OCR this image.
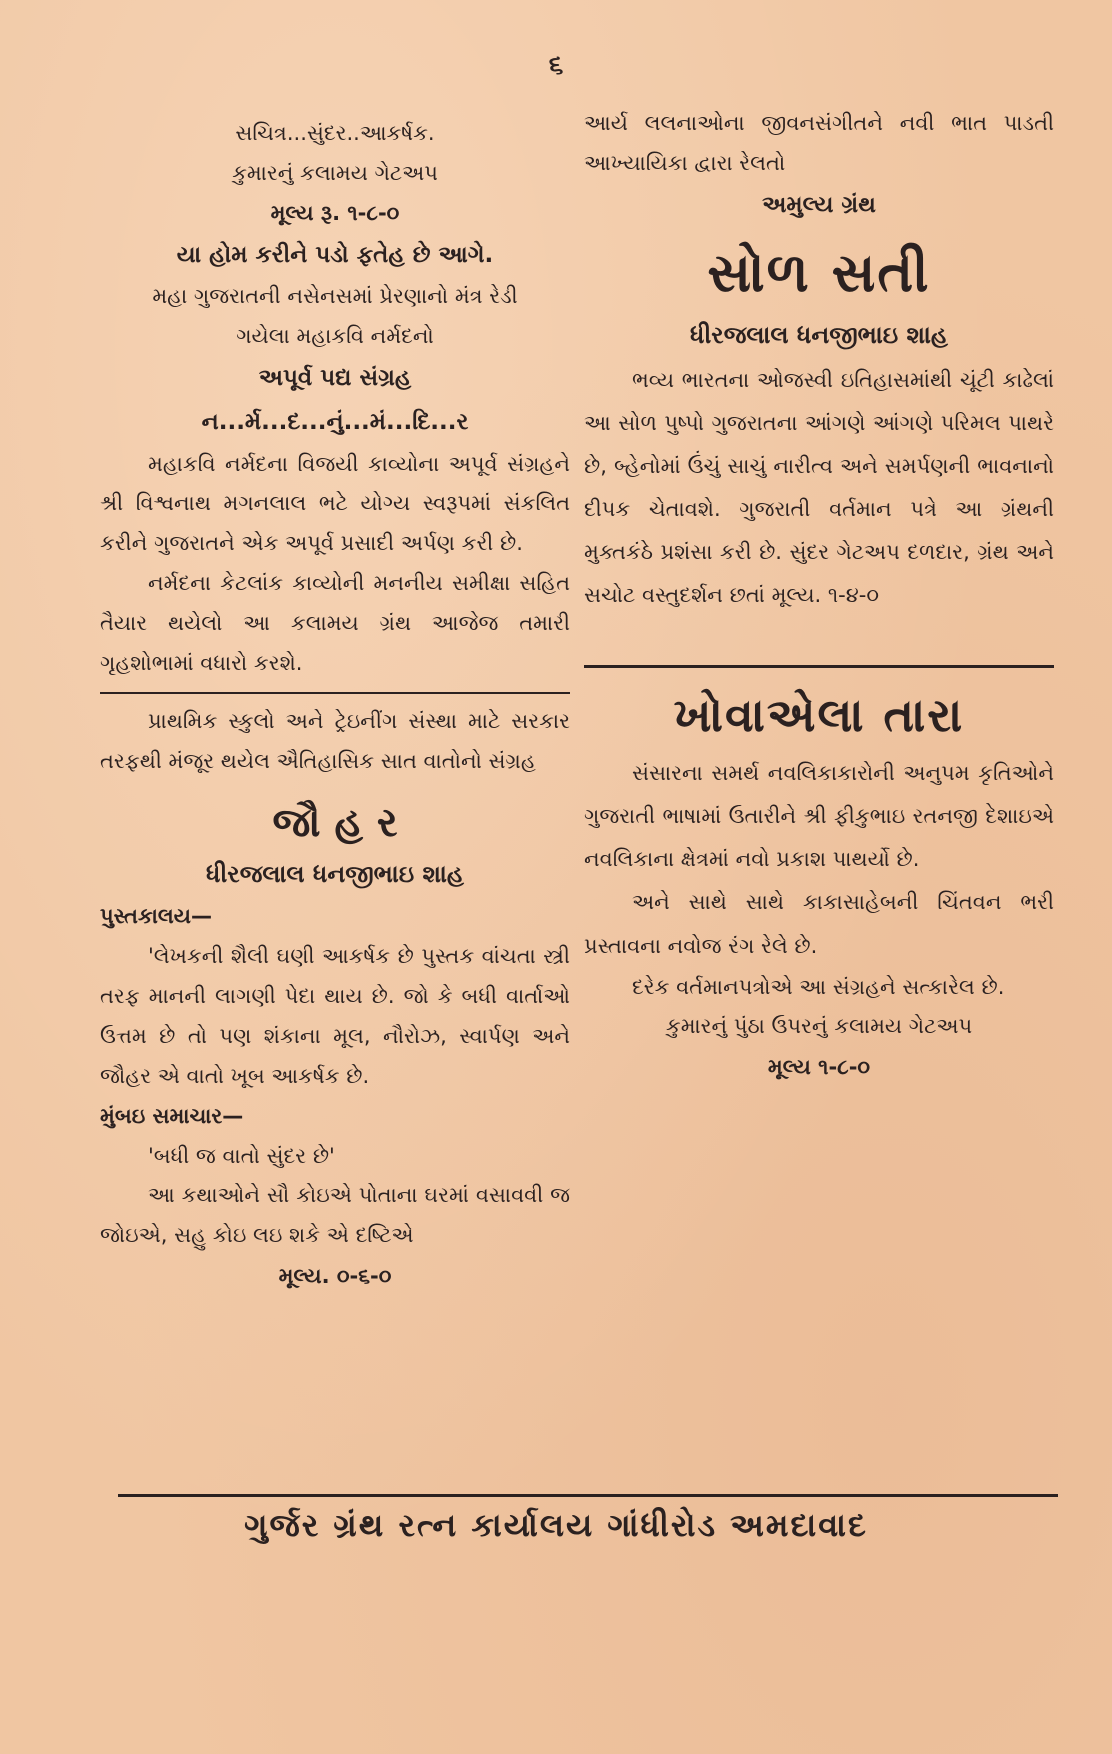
૬

સચિત્ર...સુંદર..આકર્ષક.

કુમારનું કલામય ગેટઅપ

મૂલ્ય રૂ. ૧-૮-૦

યા હોમ કરીને પડો ફતેહ છે આગે.

મહા ગુજરાતની નસેનસમાં પ્રેરણાનો મંત્ર રેડી

ગયેલા મહાકવિ નર્મદનો

અપૂર્વ પદ્ય સંગ્રહ

ન...ર્મ...દ...નું...મં...દિ...ર

મહાકવિ નર્મદના વિજયી કાવ્યોના અપૂર્વ સંગ્રહને શ્રી વિશ્વનાથ મગનલાલ ભટે યોગ્ય સ્વરૂપમાં સંકલિત કરીને ગુજરાતને એક અપૂર્વ પ્રસાદી અર્પણ કરી છે.

નર્મદના કેટલાંક કાવ્યોની મનનીય સમીક્ષા સહિત તૈયાર થયેલો આ કલામય ગ્રંથ આજેજ તમારી ગૃહશોભામાં વધારો કરશે.

પ્રાથમિક સ્કુલો અને ટ્રેઇનીંગ સંસ્થા માટે સરકાર તરફથી મંજૂર થયેલ ઐતિહાસિક સાત વાતોનો સંગ્રહ

જૌ હ ર

ધીરજલાલ ધનજીભાઇ શાહ

પુસ્તકાલય—

'લેખકની શૈલી ઘણી આકર્ષક છે પુસ્તક વાંચતા સ્ત્રી તરફ માનની લાગણી પેદા થાય છે. જો કે બધી વાર્તાઓ ઉત્તમ છે તો પણ શંકાના મૂલ, નૌરોઝ, સ્વાર્પણ અને જૌહર એ વાતો ખૂબ આકર્ષક છે.

મુંબઇ સમાચાર—

'બધી જ વાતો સુંદર છે'

આ કથાઓને સૌ કોઇએ પોતાના ઘરમાં વસાવવી જ જોઇએ, સહુ કોઇ લઇ શકે એ દષ્ટિએ

મૂલ્ય. ૦-૬-૦

આર્ય લલનાઓના જીવનસંગીતને નવી ભાત પાડતી આખ્યાયિકા દ્વારા રેલતો

અમુલ્ય ગ્રંથ

સોળ સતી

ધીરજલાલ ધનજીભાઇ શાહ

ભવ્ય ભારતના ઓજસ્વી ઇતિહાસમાંથી ચૂંટી કાઢેલાં આ સોળ પુષ્પો ગુજરાતના આંગણે આંગણે પરિમલ પાથરે છે, બ્હેનોમાં ઉંચું સાચું નારીત્વ અને સમર્પણની ભાવનાનો દીપક ચેતાવશે. ગુજરાતી વર્તમાન પત્રે આ ગ્રંથની મુક્તકંઠે પ્રશંસા કરી છે. સુંદર ગેટઅપ દળદાર, ગ્રંથ અને સચોટ વસ્તુદર્શન છતાં મૂલ્ય. ૧-૪-૦

ખોવાએલા તારા

સંસારના સમર્થ નવલિકાકારોની અનુપમ કૃતિઓને ગુજરાતી ભાષામાં ઉતારીને શ્રી ફીકુભાઇ રતનજી દેશાઇએ નવલિકાના ક્ષેત્રમાં નવો પ્રકાશ પાથર્યો છે.

અને સાથે સાથે કાકાસાહેબની ચિંતવન ભરી પ્રસ્તાવના નવોજ રંગ રેલે છે.

દરેક વર્તમાનપત્રોએ આ સંગ્રહને સત્કારેલ છે.

કુમારનું પુંઠા ઉપરનું કલામય ગેટઅપ

મૂલ્ય ૧-૮-૦

ગુર્જર ગ્રંથ રત્ન કાર્યાલય ગાંધીરોડ અમદાવાદ
